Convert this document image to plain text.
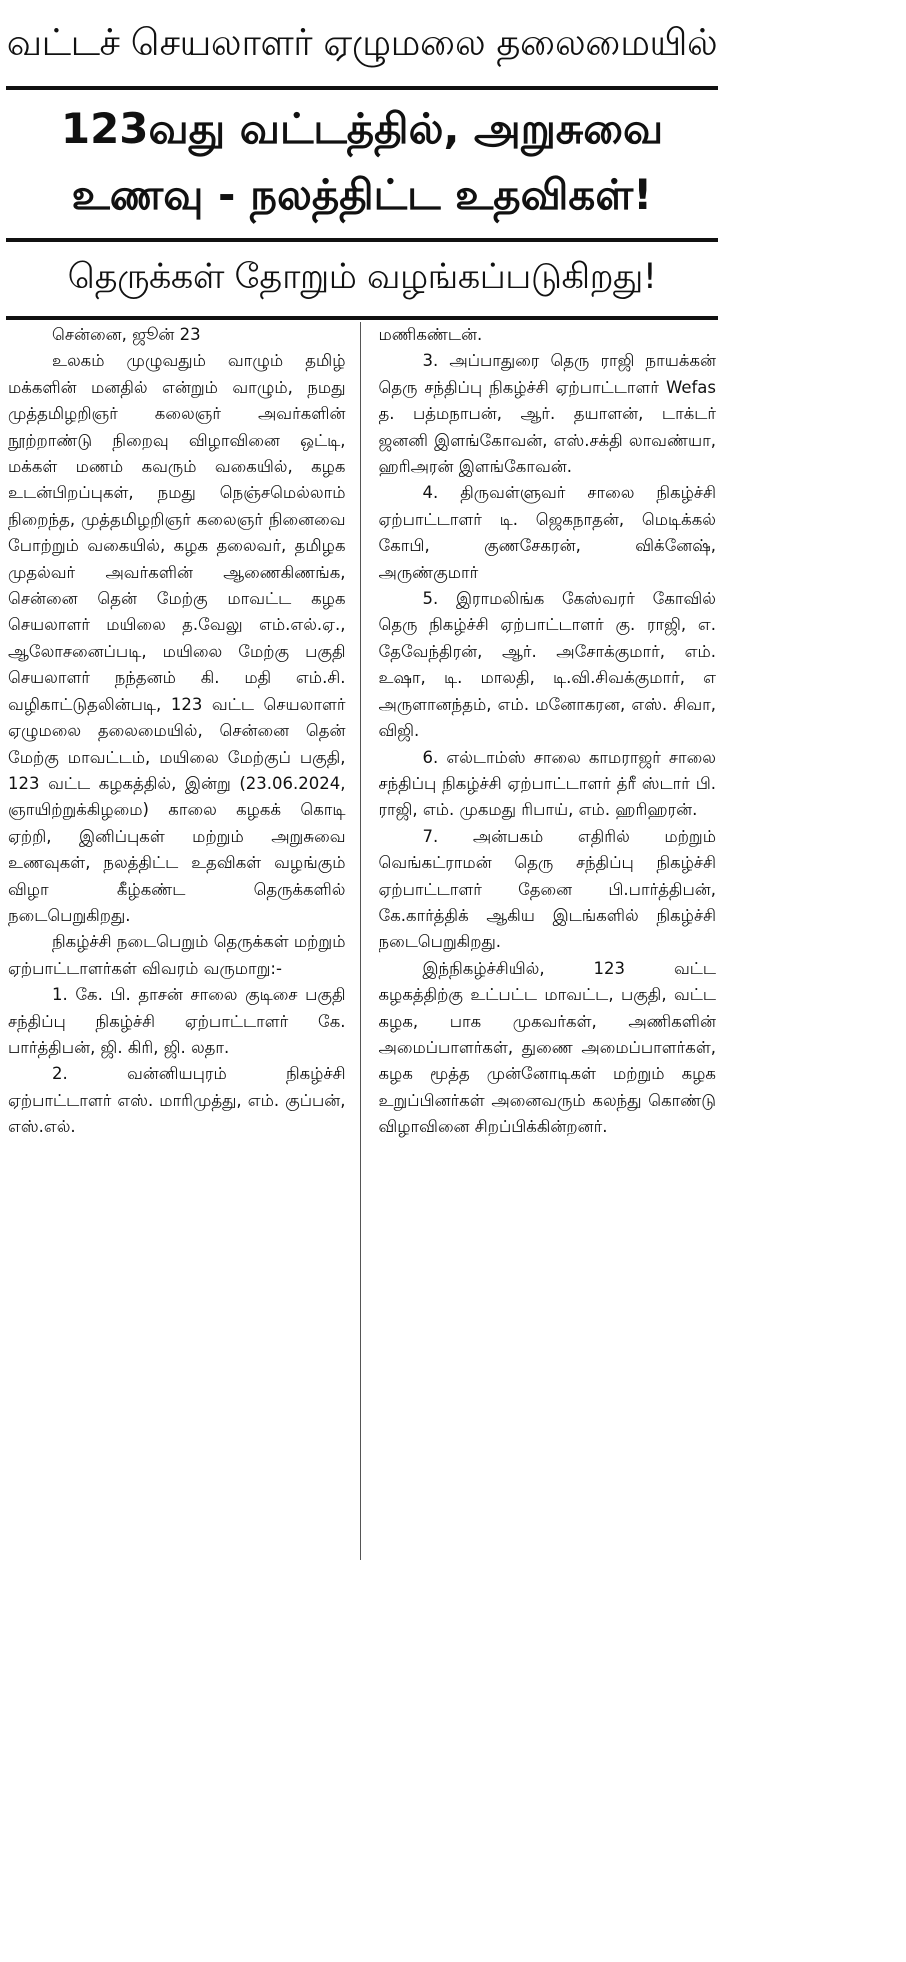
வட்டச் செயலாளர் ஏழுமலை தலைமையில்
123வது வட்டத்தில், அறுசுவை
உணவு - நலத்திட்ட உதவிகள்!
தெருக்கள் தோறும் வழங்கப்படுகிறது!

சென்னை, ஜூன் 23

உலகம் முழுவதும் வாழும் தமிழ் மக்களின் மனதில் என்றும் வாழும், நமது முத்தமிழறிஞர் கலைஞர் அவர்களின் நூற்றாண்டு நிறைவு விழாவினை ஒட்டி, மக்கள் மணம் கவரும் வகையில், கழக உடன்பிறப்புகள், நமது நெஞ்சமெல்லாம் நிறைந்த, முத்தமிழறிஞர் கலைஞர் நினைவை போற்றும் வகையில், கழக தலைவர், தமிழக முதல்வர் அவர்களின் ஆணைகிணங்க, சென்னை தென் மேற்கு மாவட்ட கழக செயலாளர் மயிலை த.வேலு எம்.எல்.ஏ., ஆலோசனைப்படி, மயிலை மேற்கு பகுதி செயலாளர் நந்தனம் கி. மதி எம்.சி. வழிகாட்டுதலின்படி, 123 வட்ட செயலாளர் ஏழுமலை தலைமையில், சென்னை தென் மேற்கு மாவட்டம், மயிலை மேற்குப் பகுதி, 123 வட்ட கழகத்தில், இன்று (23.06.2024, ஞாயிற்றுக்கிழமை) காலை கழகக் கொடி ஏற்றி, இனிப்புகள் மற்றும் அறுசுவை உணவுகள், நலத்திட்ட உதவிகள் வழங்கும் விழா கீழ்கண்ட தெருக்களில் நடைபெறுகிறது.

நிகழ்ச்சி நடைபெறும் தெருக்கள் மற்றும் ஏற்பாட்டாளர்கள் விவரம் வருமாறு:-

1. கே. பி. தாசன் சாலை குடிசை பகுதி சந்திப்பு நிகழ்ச்சி ஏற்பாட்டாளர் கே. பார்த்திபன், ஜி. கிரி, ஜி. லதா.

2. வன்னியபுரம் நிகழ்ச்சி ஏற்பாட்டாளர் எஸ். மாரிமுத்து, எம். குப்பன், எஸ்.எல்.

மணிகண்டன்.

3. அப்பாதுரை தெரு ராஜி நாயக்கன் தெரு சந்திப்பு நிகழ்ச்சி ஏற்பாட்டாளர் Wefas த. பத்மநாபன், ஆர். தயாளன், டாக்டர் ஜனனி இளங்கோவன், எஸ்.சக்தி லாவண்யா, ஹரிஅரன் இளங்கோவன்.

4. திருவள்ளுவர் சாலை நிகழ்ச்சி ஏற்பாட்டாளர் டி. ஜெகநாதன், மெடிக்கல் கோபி, குணசேகரன், விக்னேஷ், அருண்குமார்

5. இராமலிங்க கேஸ்வரர் கோவில் தெரு நிகழ்ச்சி ஏற்பாட்டாளர் கு. ராஜி, எ. தேவேந்திரன், ஆர். அசோக்குமார், எம். உஷா, டி. மாலதி, டி.வி.சிவக்குமார், எ அருளானந்தம், எம். மனோகரன, எஸ். சிவா, விஜி.

6. எல்டாம்ஸ் சாலை காமராஜர் சாலை சந்திப்பு நிகழ்ச்சி ஏற்பாட்டாளர் த்ரீ ஸ்டார் பி. ராஜி, எம். முகமது ரிபாய், எம். ஹரிஹரன்.

7. அன்பகம் எதிரில் மற்றும் வெங்கட்ராமன் தெரு சந்திப்பு நிகழ்ச்சி ஏற்பாட்டாளர் தேனை பி.பார்த்திபன், கே.கார்த்திக் ஆகிய இடங்களில் நிகழ்ச்சி நடைபெறுகிறது.

இந்நிகழ்ச்சியில், 123 வட்ட கழகத்திற்கு உட்பட்ட மாவட்ட, பகுதி, வட்ட கழக, பாக முகவர்கள், அணிகளின் அமைப்பாளர்கள், துணை அமைப்பாளர்கள், கழக மூத்த முன்னோடிகள் மற்றும் கழக உறுப்பினர்கள் அனைவரும் கலந்து கொண்டு விழாவினை சிறப்பிக்கின்றனர்.
